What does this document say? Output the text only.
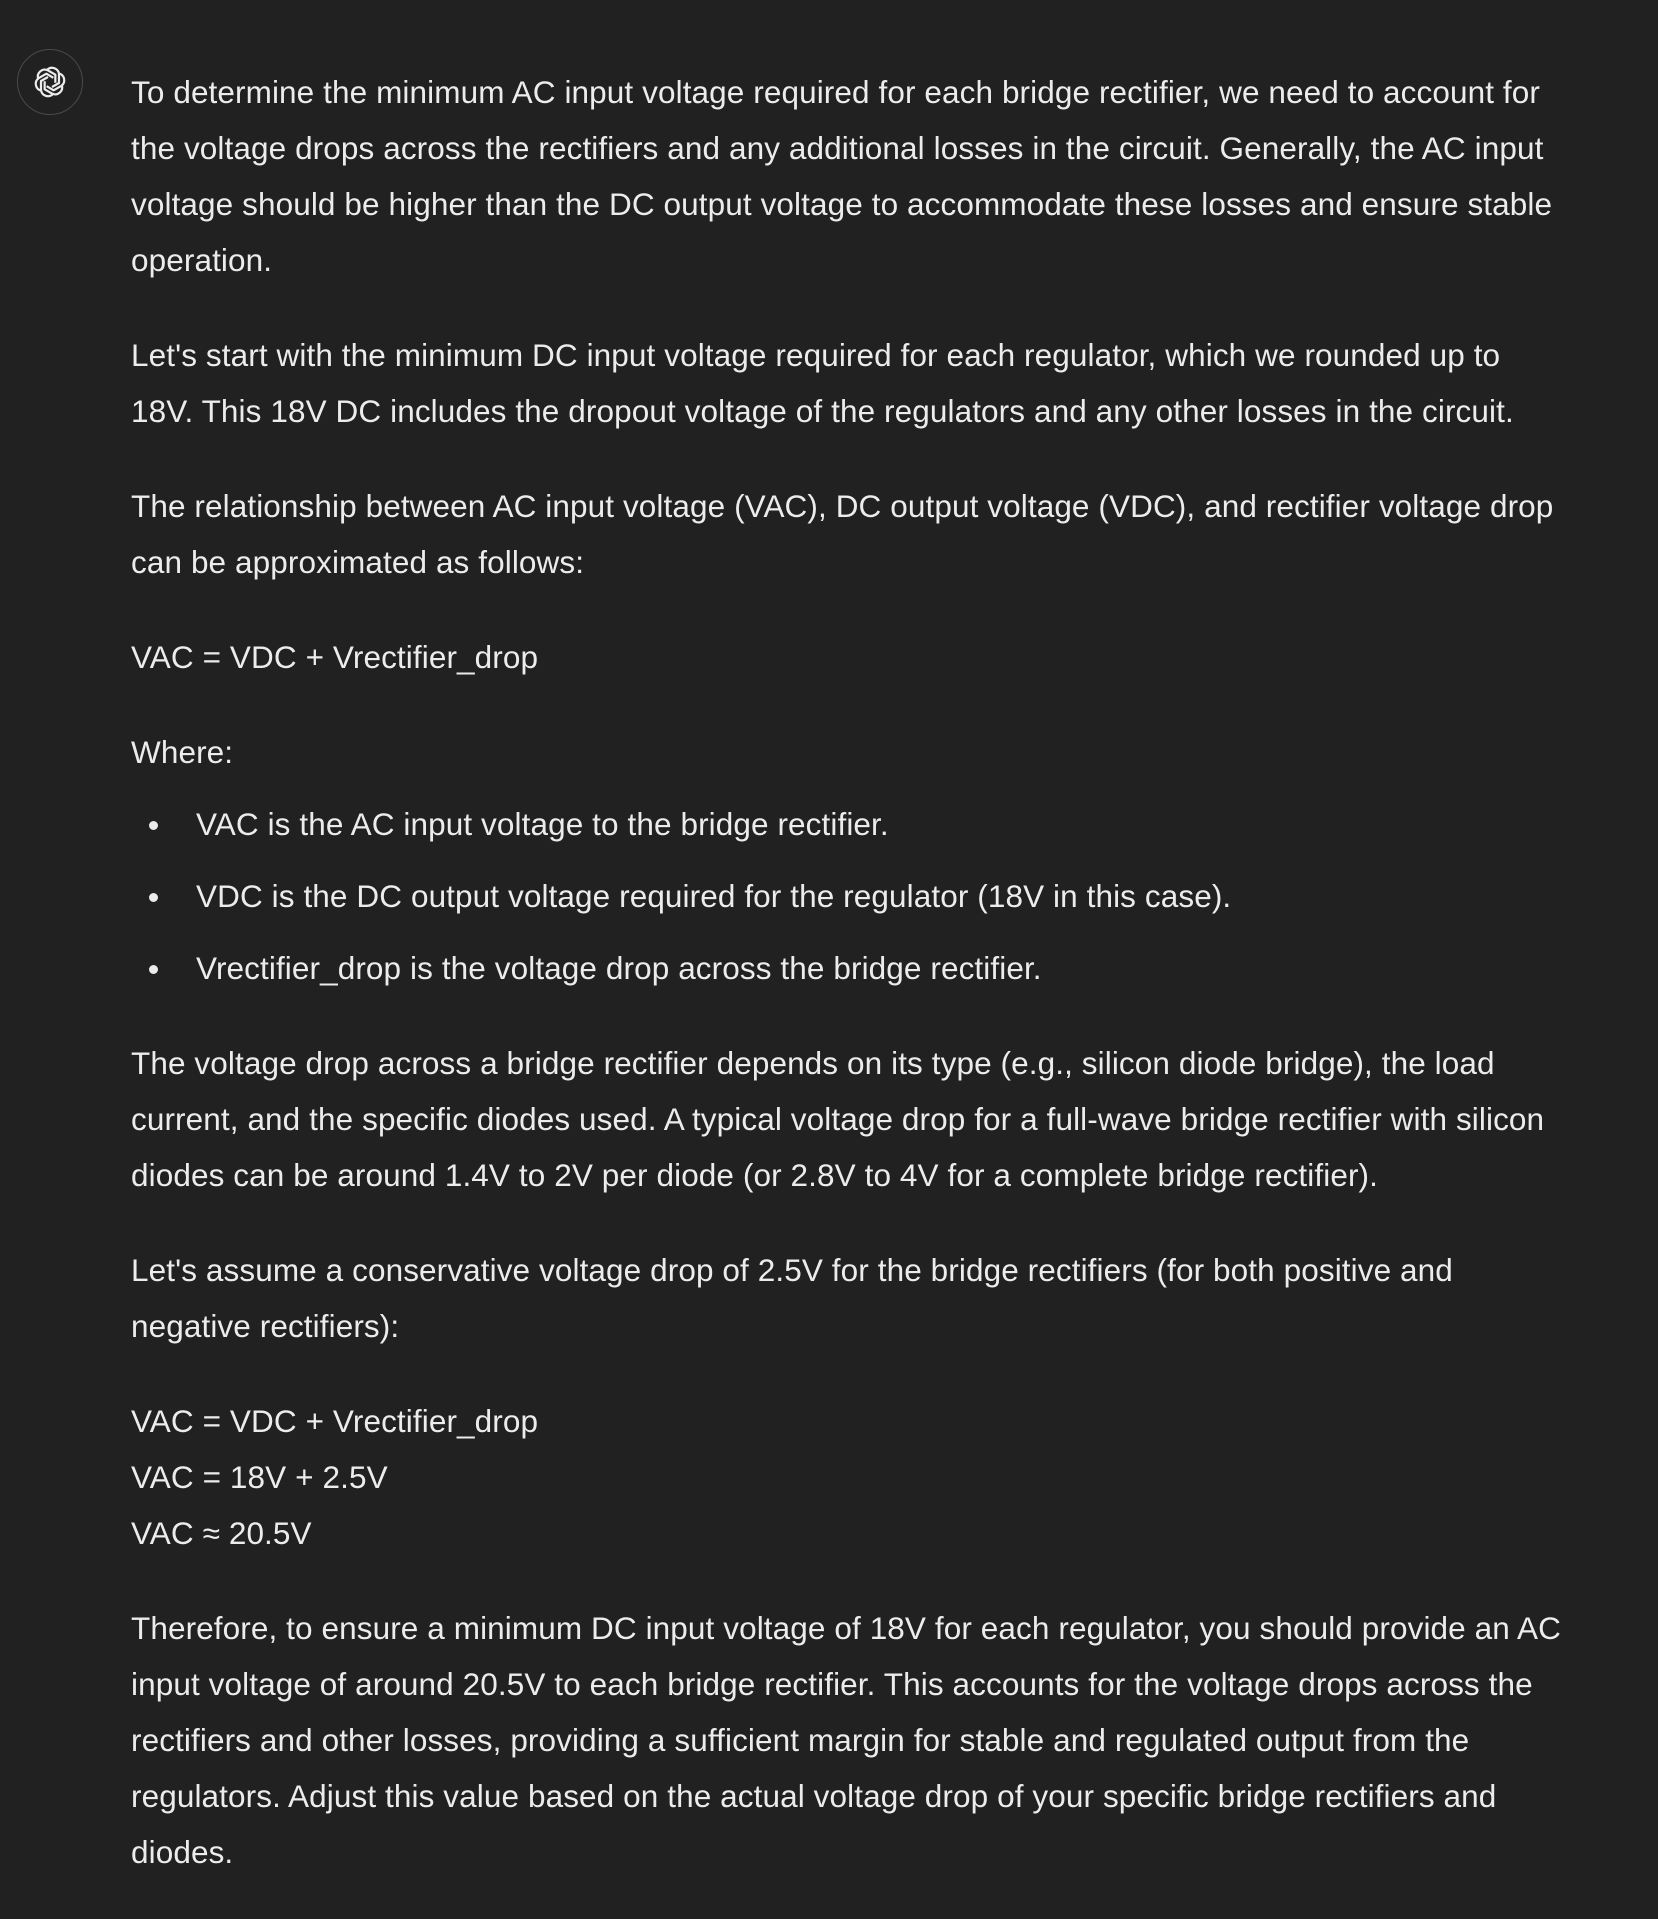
To determine the minimum AC input voltage required for each bridge rectifier, we need to account for the voltage drops across the rectifiers and any additional losses in the circuit. Generally, the AC input voltage should be higher than the DC output voltage to accommodate these losses and ensure stable operation.

Let's start with the minimum DC input voltage required for each regulator, which we rounded up to 18V. This 18V DC includes the dropout voltage of the regulators and any other losses in the circuit.

The relationship between AC input voltage (VAC), DC output voltage (VDC), and rectifier voltage drop can be approximated as follows:

VAC = VDC + Vrectifier_drop

Where:

VAC is the AC input voltage to the bridge rectifier.
VDC is the DC output voltage required for the regulator (18V in this case).
Vrectifier_drop is the voltage drop across the bridge rectifier.

The voltage drop across a bridge rectifier depends on its type (e.g., silicon diode bridge), the load current, and the specific diodes used. A typical voltage drop for a full-wave bridge rectifier with silicon diodes can be around 1.4V to 2V per diode (or 2.8V to 4V for a complete bridge rectifier).

Let's assume a conservative voltage drop of 2.5V for the bridge rectifiers (for both positive and negative rectifiers):

VAC = VDC + Vrectifier_drop
VAC = 18V + 2.5V
VAC ≈ 20.5V

Therefore, to ensure a minimum DC input voltage of 18V for each regulator, you should provide an AC input voltage of around 20.5V to each bridge rectifier. This accounts for the voltage drops across the rectifiers and other losses, providing a sufficient margin for stable and regulated output from the regulators. Adjust this value based on the actual voltage drop of your specific bridge rectifiers and diodes.
